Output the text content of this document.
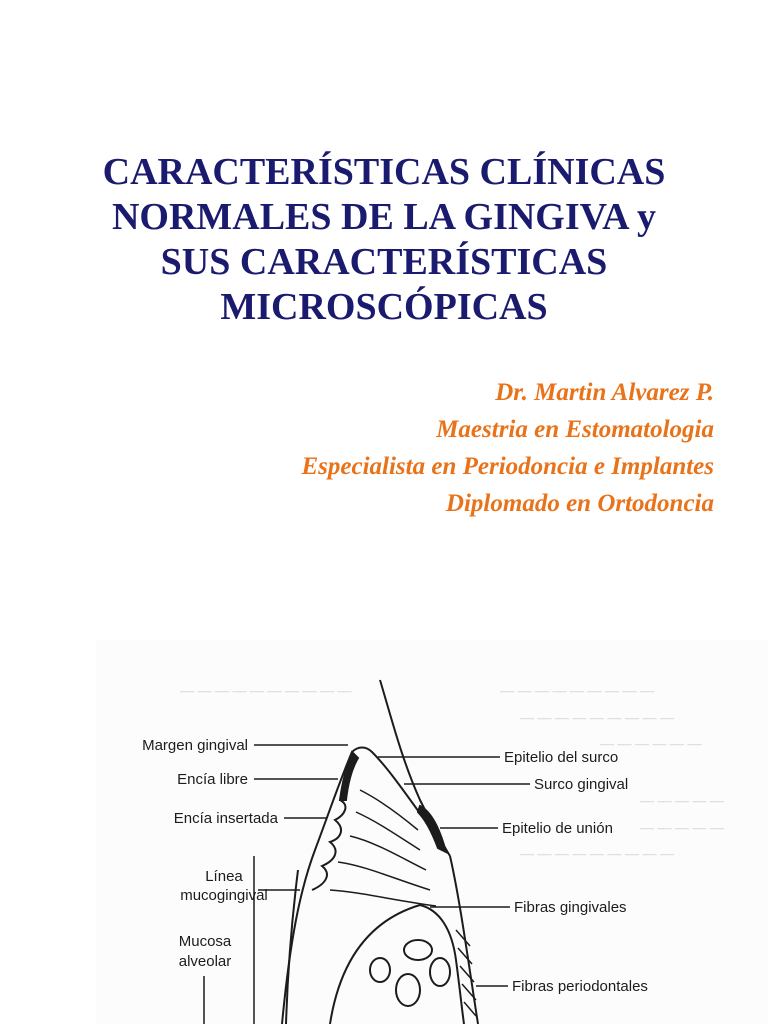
CARACTERÍSTICAS CLÍNICAS
NORMALES DE LA GINGIVA y
SUS CARACTERÍSTICAS
MICROSCÓPICAS
Dr. Martin Alvarez P.
Maestria en Estomatologia
Especialista en Periodoncia e Implantes
Diplomado en Ortodoncia
— — — — — — — — — —	— — — — — — — — —
— — — — — — — — —
— — — — — —
— — — — —
— — — — —
— — — — — — — — —
Margen gingival
Encía libre
Encía insertada
Línea
mucogingival
Mucosa
alveolar
Epitelio del surco
Surco gingival
Epitelio de unión
Fibras gingivales
Fibras periodontales
